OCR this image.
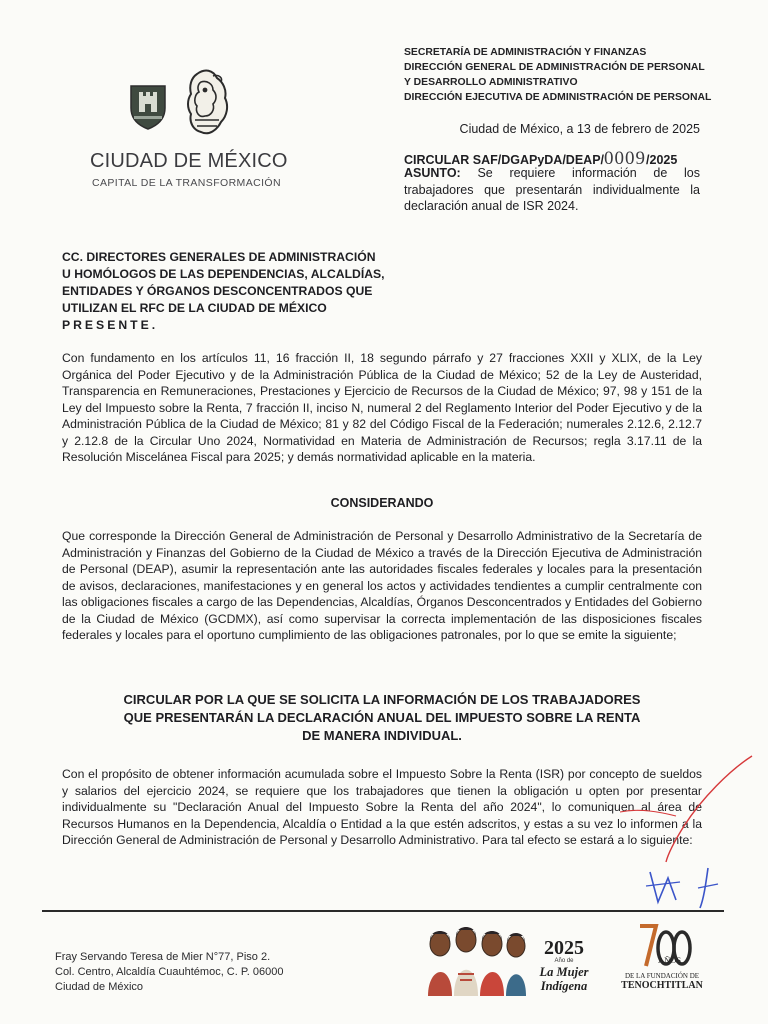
CIUDAD DE MÉXICO
CAPITAL DE LA TRANSFORMACIÓN
SECRETARÍA DE ADMINISTRACIÓN Y FINANZAS
DIRECCIÓN GENERAL DE ADMINISTRACIÓN DE PERSONAL
Y DESARROLLO ADMINISTRATIVO
DIRECCIÓN EJECUTIVA DE ADMINISTRACIÓN DE PERSONAL
Ciudad de México, a 13 de febrero de 2025
CIRCULAR SAF/DGAPyDA/DEAP/0009/2025
ASUNTO: Se requiere información de los trabajadores que presentarán individualmente la declaración anual de ISR 2024.
CC. DIRECTORES GENERALES DE ADMINISTRACIÓN
U HOMÓLOGOS DE LAS DEPENDENCIAS, ALCALDÍAS,
ENTIDADES Y ÓRGANOS DESCONCENTRADOS QUE
UTILIZAN EL RFC DE LA CIUDAD DE MÉXICO
PRESENTE.
Con fundamento en los artículos 11, 16 fracción II, 18 segundo párrafo y 27 fracciones XXII y XLIX, de la Ley Orgánica del Poder Ejecutivo y de la Administración Pública de la Ciudad de México; 52 de la Ley de Austeridad, Transparencia en Remuneraciones, Prestaciones y Ejercicio de Recursos de la Ciudad de México; 97, 98 y 151 de la Ley del Impuesto sobre la Renta, 7 fracción II, inciso N, numeral 2 del Reglamento Interior del Poder Ejecutivo y de la Administración Pública de la Ciudad de México; 81 y 82 del Código Fiscal de la Federación; numerales 2.12.6, 2.12.7 y 2.12.8 de la Circular Uno 2024, Normatividad en Materia de Administración de Recursos; regla 3.17.11 de la Resolución Miscelánea Fiscal para 2025; y demás normatividad aplicable en la materia.
CONSIDERANDO
Que corresponde la Dirección General de Administración de Personal y Desarrollo Administrativo de la Secretaría de Administración y Finanzas del Gobierno de la Ciudad de México a través de la Dirección Ejecutiva de Administración de Personal (DEAP), asumir la representación ante las autoridades fiscales federales y locales para la presentación de avisos, declaraciones, manifestaciones y en general los actos y actividades tendientes a cumplir centralmente con las obligaciones fiscales a cargo de las Dependencias, Alcaldías, Órganos Desconcentrados y Entidades del Gobierno de la Ciudad de México (GCDMX), así como supervisar la correcta implementación de las disposiciones fiscales federales y locales para el oportuno cumplimiento de las obligaciones patronales, por lo que se emite la siguiente;
CIRCULAR POR LA QUE SE SOLICITA LA INFORMACIÓN DE LOS TRABAJADORES
QUE PRESENTARÁN LA DECLARACIÓN ANUAL DEL IMPUESTO SOBRE LA RENTA
DE MANERA INDIVIDUAL.
Con el propósito de obtener información acumulada sobre el Impuesto Sobre la Renta (ISR) por concepto de sueldos y salarios del ejercicio 2024, se requiere que los trabajadores que tienen la obligación u opten por presentar individualmente su "Declaración Anual del Impuesto Sobre la Renta del año 2024", lo comuniquen al área de Recursos Humanos en la Dependencia, Alcaldía o Entidad a la que estén adscritos, y estas a su vez lo informen a la Dirección General de Administración de Personal y Desarrollo Administrativo. Para tal efecto se estará a lo siguiente:
Fray Servando Teresa de Mier N°77, Piso 2.
Col. Centro, Alcaldía Cuauhtémoc, C. P. 06000
Ciudad de México
2025
Año de
La Mujer
Indígena
AÑOS
DE LA FUNDACIÓN DE
TENOCHTITLAN
